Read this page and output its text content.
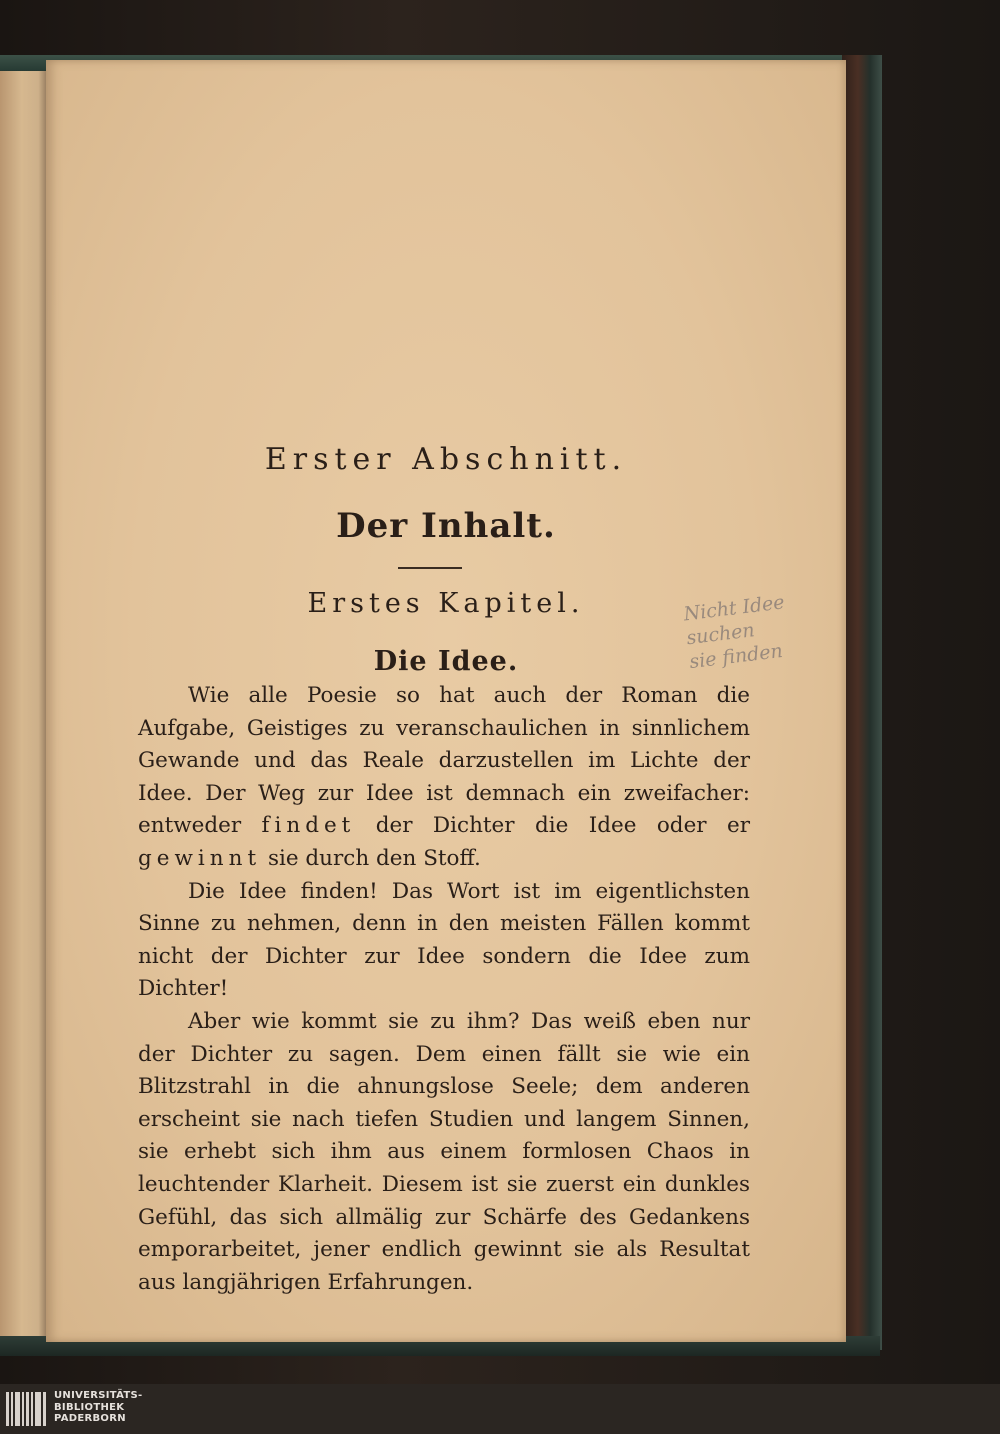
Erster Abschnitt.
Der Inhalt.
Erstes Kapitel.
Die Idee.
Nicht Idee suchen
sie finden

Wie alle Poesie so hat auch der Roman die Aufgabe, Geistiges zu veranschaulichen in sinnlichem Gewande und das Reale darzustellen im Lichte der Idee. Der Weg zur Idee ist demnach ein zweifacher: entweder findet der Dichter die Idee oder er gewinnt sie durch den Stoff.

Die Idee finden! Das Wort ist im eigentlichsten Sinne zu nehmen, denn in den meisten Fällen kommt nicht der Dichter zur Idee sondern die Idee zum Dichter!

Aber wie kommt sie zu ihm? Das weiß eben nur der Dichter zu sagen. Dem einen fällt sie wie ein Blitzstrahl in die ahnungslose Seele; dem anderen erscheint sie nach tiefen Studien und langem Sinnen, sie erhebt sich ihm aus einem formlosen Chaos in leuchtender Klarheit. Diesem ist sie zuerst ein dunkles Gefühl, das sich allmälig zur Schärfe des Gedankens emporarbeitet, jener endlich gewinnt sie als Resultat aus langjährigen Erfahrungen.

UNIVERSITÄTS-
BIBLIOTHEK
PADERBORN
